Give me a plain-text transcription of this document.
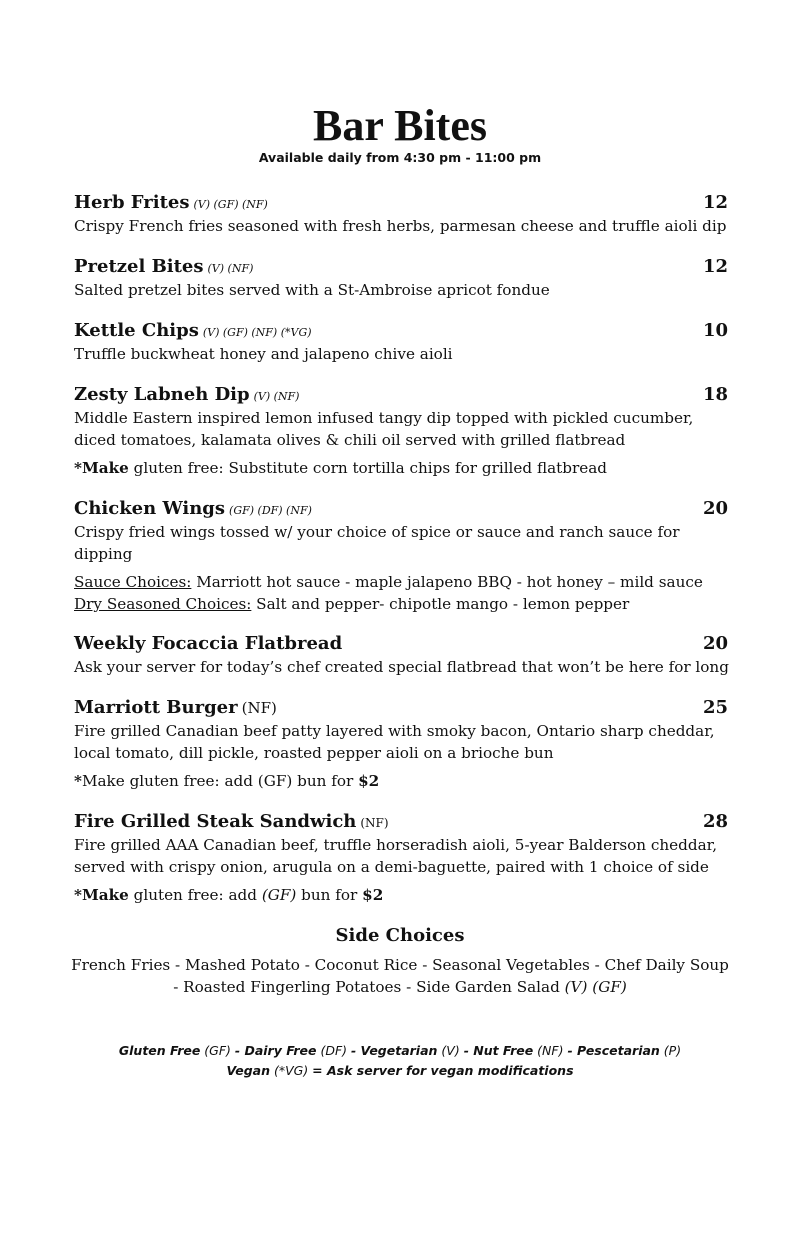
Bar Bites
Available daily from 4:30 pm - 11:00 pm
Herb Frites (V) (GF) (NF)	12
Crispy French fries seasoned with fresh herbs, parmesan cheese and truffle aioli dip
Pretzel Bites (V) (NF)	12
Salted pretzel bites served with a St-Ambroise apricot fondue
Kettle Chips (V) (GF) (NF) (*VG)	10
Truffle buckwheat honey and jalapeno chive aioli
Zesty Labneh Dip (V) (NF)	18
Middle Eastern inspired lemon infused tangy dip topped with pickled cucumber,
diced tomatoes, kalamata olives & chili oil served with grilled flatbread
*Make gluten free: Substitute corn tortilla chips for grilled flatbread
Chicken Wings (GF) (DF) (NF)	20
Crispy fried wings tossed w/ your choice of spice or sauce and ranch sauce for
dipping
Sauce Choices: Marriott hot sauce - maple jalapeno BBQ - hot honey – mild sauce
Dry Seasoned Choices: Salt and pepper- chipotle mango - lemon pepper
Weekly Focaccia Flatbread	20
Ask your server for today’s chef created special flatbread that won’t be here for long
Marriott Burger (NF)	25
Fire grilled Canadian beef patty layered with smoky bacon, Ontario sharp cheddar,
local tomato, dill pickle, roasted pepper aioli on a brioche bun
*Make gluten free: add (GF) bun for $2
Fire Grilled Steak Sandwich (NF)	28
Fire grilled AAA Canadian beef, truffle horseradish aioli, 5-year Balderson cheddar,
served with crispy onion, arugula on a demi-baguette, paired with 1 choice of side
*Make gluten free: add (GF) bun for $2
Side Choices
French Fries - Mashed Potato - Coconut Rice - Seasonal Vegetables - Chef Daily Soup
- Roasted Fingerling Potatoes - Side Garden Salad (V) (GF)
Gluten Free (GF) - Dairy Free (DF) - Vegetarian (V) - Nut Free (NF) - Pescetarian (P)
Vegan (*VG) = Ask server for vegan modifications
